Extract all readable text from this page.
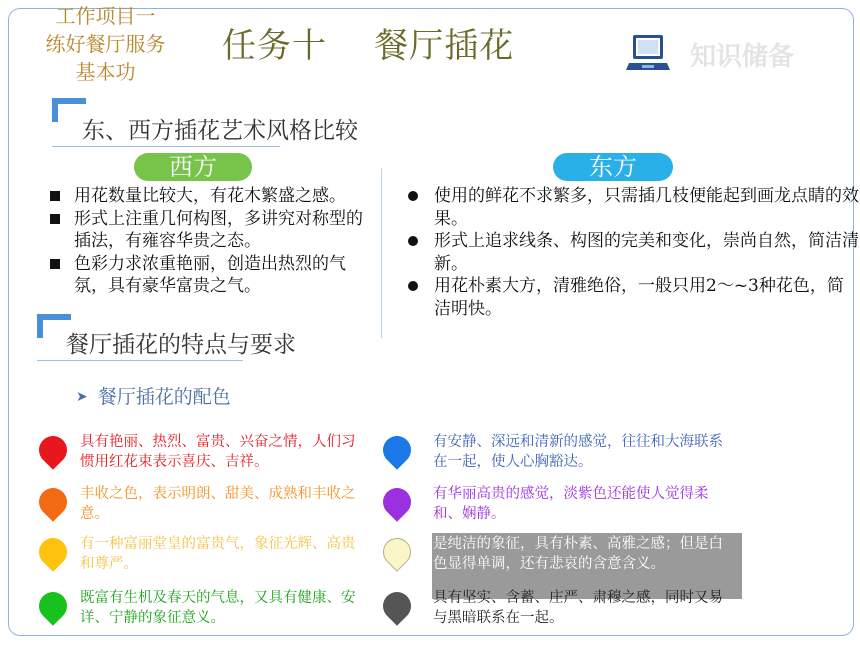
工作项目一
练好餐厅服务
基本功
任务十    餐厅插花	知识储备
东、西方插花艺术风格比较
西方	东方
用花数量比较大，有花木繁盛之感。
形式上注重几何构图，多讲究对称型的插法，有雍容华贵之态。
色彩力求浓重艳丽，创造出热烈的气氛，具有豪华富贵之气。
使用的鲜花不求繁多，只需插几枝便能起到画龙点睛的效果。
形式上追求线条、构图的完美和变化，崇尚自然，简洁清新。
用花朴素大方，清雅绝俗，一般只用2～~3种花色，简洁明快。
餐厅插花的特点与要求
➤ 餐厅插花的配色
具有艳丽、热烈、富贵、兴奋之情，人们习惯用红花束表示喜庆、吉祥。
丰收之色，表示明朗、甜美、成熟和丰收之意。
有一种富丽堂皇的富贵气，象征光辉、高贵和尊严。
既富有生机及春天的气息，又具有健康、安详、宁静的象征意义。
有安静、深远和清新的感觉，往往和大海联系在一起，使人心胸豁达。
有华丽高贵的感觉，淡紫色还能使人觉得柔和、娴静。
是纯洁的象征，具有朴素、高雅之感；但是白色显得单调，还有悲哀的含意含义。
具有坚实、含蓄、庄严、肃穆之感，同时又易与黑暗联系在一起。
